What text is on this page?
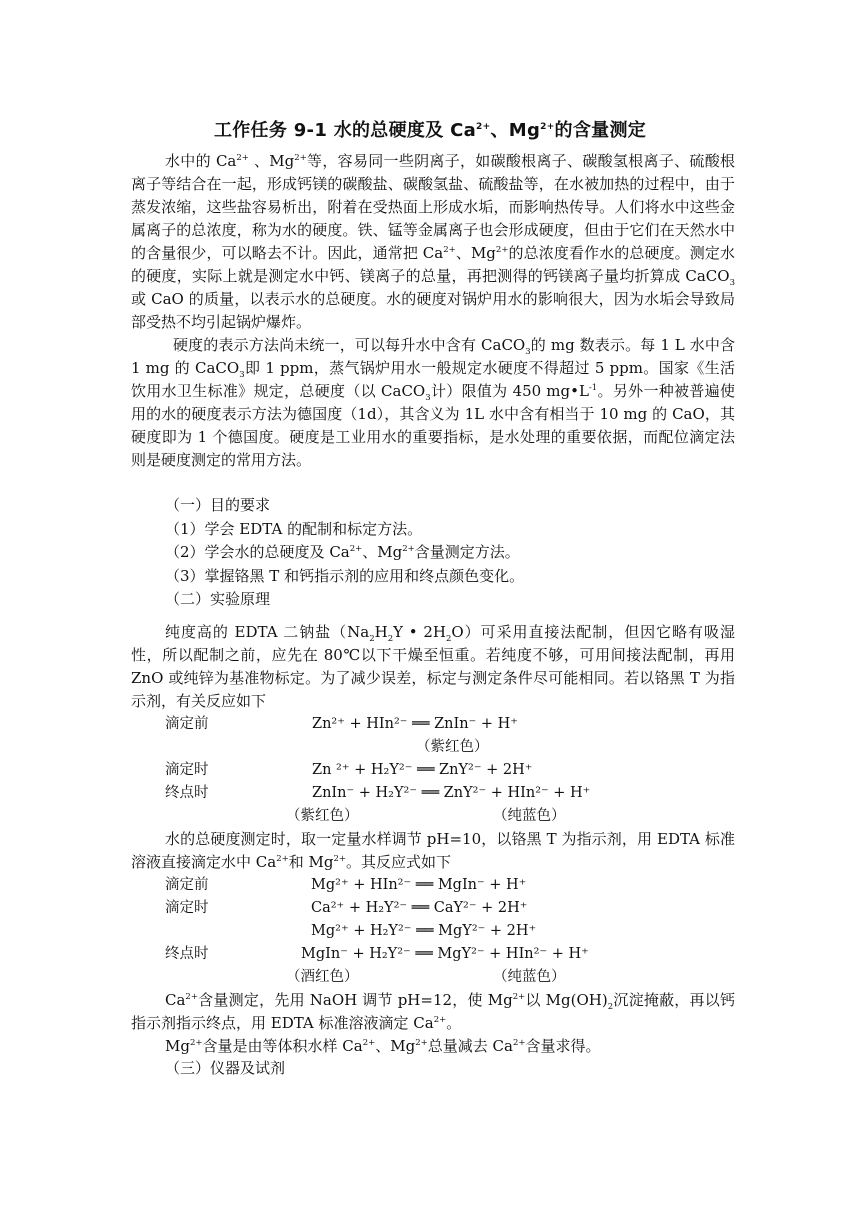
工作任务 9-1 水的总硬度及 $Ca^{2+}$、$Mg^{2+}$的含量测定

水中的 $Ca^{2+}$ 、$Mg^{2+}$等，容易同一些阴离子，如碳酸根离子、碳酸氢根离子、硫酸根离子等结合在一起，形成钙镁的碳酸盐、碳酸氢盐、硫酸盐等，在水被加热的过程中，由于蒸发浓缩，这些盐容易析出，附着在受热面上形成水垢，而影响热传导。人们将水中这些金属离子的总浓度，称为水的硬度。铁、锰等金属离子也会形成硬度，但由于它们在天然水中的含量很少，可以略去不计。因此，通常把 $Ca^{2+}$、$Mg^{2+}$的总浓度看作水的总硬度。测定水的硬度，实际上就是测定水中钙、镁离子的总量，再把测得的钙镁离子量均折算成 CaCO$_3$或 CaO 的质量，以表示水的总硬度。水的硬度对锅炉用水的影响很大，因为水垢会导致局部受热不均引起锅炉爆炸。

硬度的表示方法尚未统一，可以每升水中含有 CaCO$_3$的 mg 数表示。每 1 L 水中含 1 mg 的 CaCO$_3$即 1 ppm，蒸气锅炉用水一般规定水硬度不得超过 5 ppm。国家《生活饮用水卫生标准》规定，总硬度（以 CaCO$_3$计）限值为 450 $mg•L^{-1}$。另外一种被普遍使用的水的硬度表示方法为德国度（1d），其含义为 1L 水中含有相当于 10 mg 的 CaO，其硬度即为 1 个德国度。硬度是工业用水的重要指标，是水处理的重要依据，而配位滴定法则是硬度测定的常用方法。

（一）目的要求

（1）学会 EDTA 的配制和标定方法。

（2）学会水的总硬度及 $Ca^{2+}$、$Mg^{2+}$含量测定方法。

（3）掌握铬黑 T 和钙指示剂的应用和终点颜色变化。

（二）实验原理

纯度高的 EDTA 二钠盐（$Na_2H_2Y$ • $2H_2O$）可采用直接法配制，但因它略有吸湿性，所以配制之前，应先在 80℃以下干燥至恒重。若纯度不够，可用间接法配制，再用 ZnO 或纯锌为基准物标定。为了减少误差，标定与测定条件尽可能相同。若以铬黑 T 为指示剂，有关反应如下

滴定前	Zn²⁺ + HIn²⁻ ══ ZnIn⁻ + H⁺
（紫红色）
滴定时	Zn ²⁺ + H₂Y²⁻ ══ ZnY²⁻ + 2H⁺
终点时	ZnIn⁻ + H₂Y²⁻ ══ ZnY²⁻ + HIn²⁻ + H⁺
（紫红色）	（纯蓝色）

水的总硬度测定时，取一定量水样调节 pH=10，以铬黑 T 为指示剂，用 EDTA 标准溶液直接滴定水中 $Ca^{2+}$和 $Mg^{2+}$。其反应式如下

滴定前	Mg²⁺ + HIn²⁻ ══ MgIn⁻ + H⁺
滴定时	Ca²⁺ + H₂Y²⁻ ══ CaY²⁻ + 2H⁺
Mg²⁺ + H₂Y²⁻ ══ MgY²⁻ + 2H⁺
终点时	MgIn⁻ + H₂Y²⁻ ══ MgY²⁻ + HIn²⁻ + H⁺
（酒红色）	（纯蓝色）

$Ca^{2+}$含量测定，先用 NaOH 调节 pH=12，使 $Mg^{2+}$以 $Mg(OH)_2$沉淀掩蔽，再以钙指示剂指示终点，用 EDTA 标准溶液滴定 $Ca^{2+}$。

$Mg^{2+}$含量是由等体积水样 $Ca^{2+}$、$Mg^{2+}$总量减去 $Ca^{2+}$含量求得。

（三）仪器及试剂
